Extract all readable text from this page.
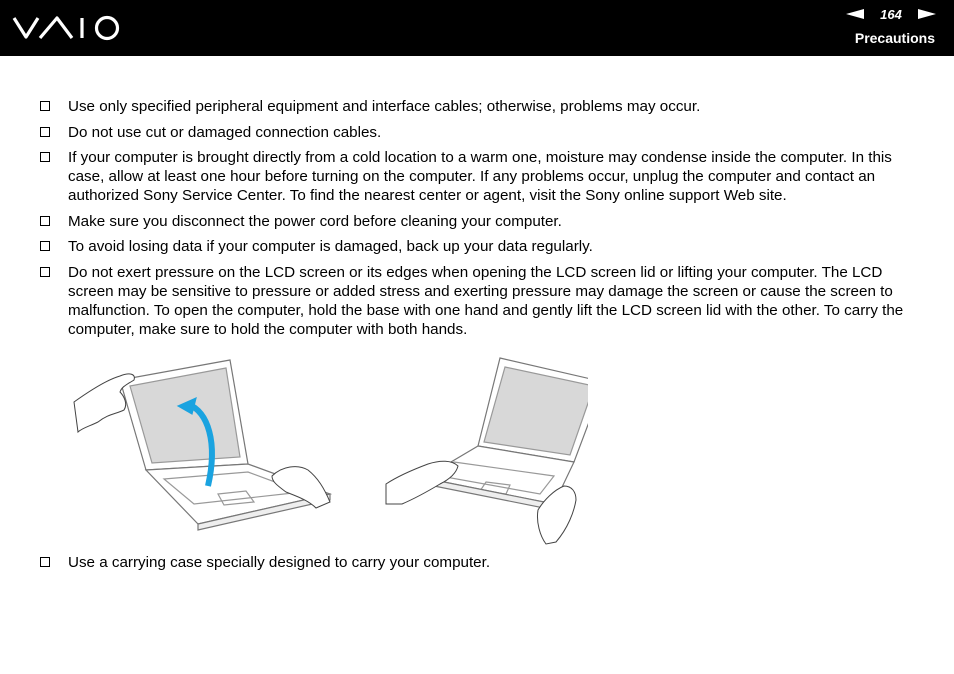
164
Precautions
Use only specified peripheral equipment and interface cables; otherwise, problems may occur.
Do not use cut or damaged connection cables.
If your computer is brought directly from a cold location to a warm one, moisture may condense inside the computer. In this case, allow at least one hour before turning on the computer. If any problems occur, unplug the computer and contact an authorized Sony Service Center. To find the nearest center or agent, visit the Sony online support Web site.
Make sure you disconnect the power cord before cleaning your computer.
To avoid losing data if your computer is damaged, back up your data regularly.
Do not exert pressure on the LCD screen or its edges when opening the LCD screen lid or lifting your computer. The LCD screen may be sensitive to pressure or added stress and exerting pressure may damage the screen or cause the screen to malfunction. To open the computer, hold the base with one hand and gently lift the LCD screen lid with the other. To carry the computer, make sure to hold the computer with both hands.
Use a carrying case specially designed to carry your computer.
